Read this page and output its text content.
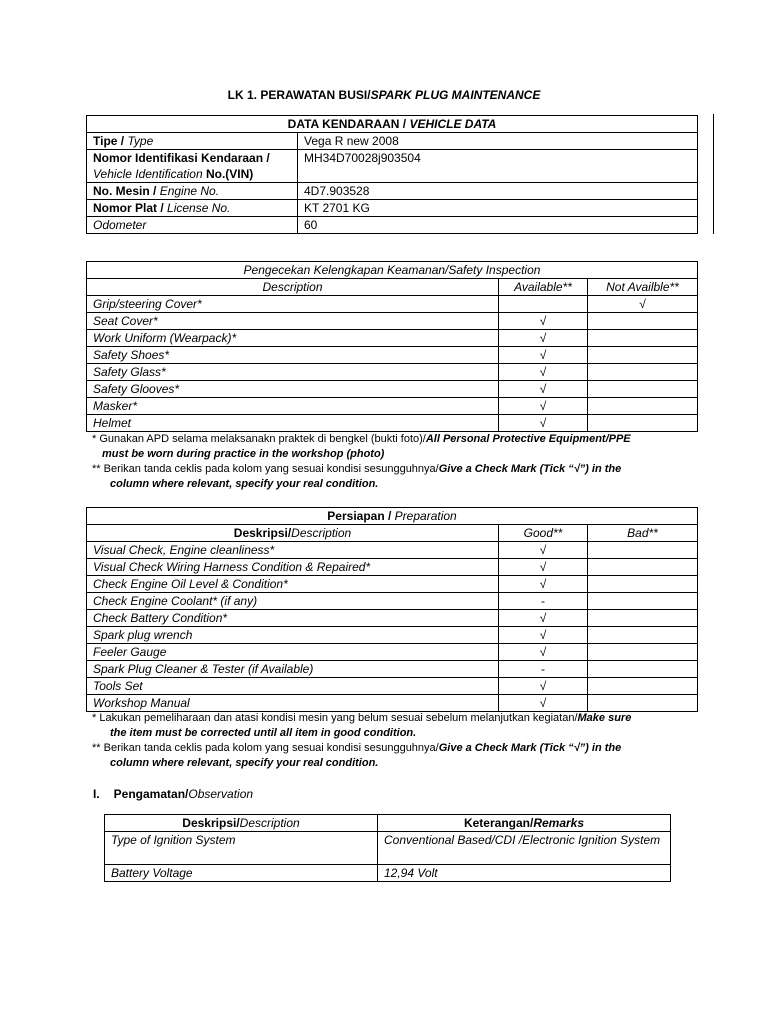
LK 1. PERAWATAN BUSI/SPARK PLUG MAINTENANCE
DATA KENDARAAN / VEHICLE DATA	
Tipe / Type	Vega R new 2008
Nomor Identifikasi Kendaraan /
Vehicle Identification No.(VIN)	MH34D70028j903504
No. Mesin / Engine No.	4D7.903528
Nomor Plat / License No.	KT 2701 KG
Odometer	60
Pengecekan Kelengkapan Keamanan/Safety Inspection		
Description	Available**	Not Availble**
Grip/steering Cover*		√
Seat Cover*	√	
Work Uniform (Wearpack)*	√	
Safety Shoes*	√	
Safety Glass*	√	
Safety Glooves*	√	
Masker*	√	
Helmet	√	
* Gunakan APD selama melaksanakn praktek di bengkel (bukti foto)/All Personal Protective Equipment/PPE
must be worn during practice in the workshop (photo)
** Berikan tanda ceklis pada kolom yang sesuai kondisi sesungguhnya/Give a Check Mark (Tick “√”) in the
column where relevant, specify your real condition.
Persiapan / Preparation		
Deskripsi/Description	Good**	Bad**
Visual Check, Engine cleanliness*	√	
Visual Check Wiring Harness Condition & Repaired*	√	
Check Engine Oil Level & Condition*	√	
Check Engine Coolant* (if any)	-	
Check Battery Condition*	√	
Spark plug wrench	√	
Feeler Gauge	√	
Spark Plug Cleaner & Tester (if Available)	-	
Tools Set	√	
Workshop Manual	√	
* Lakukan pemeliharaan dan atasi kondisi mesin yang belum sesuai sebelum melanjutkan kegiatan/Make sure
the item must be corrected until all item in good condition.
** Berikan tanda ceklis pada kolom yang sesuai kondisi sesungguhnya/Give a Check Mark (Tick “√”) in the
column where relevant, specify your real condition.
I. Pengamatan/Observation
Deskripsi/Description	Keterangan/Remarks
Type of Ignition System	Conventional Based/CDI /Electronic Ignition System
Battery Voltage	12,94 Volt
